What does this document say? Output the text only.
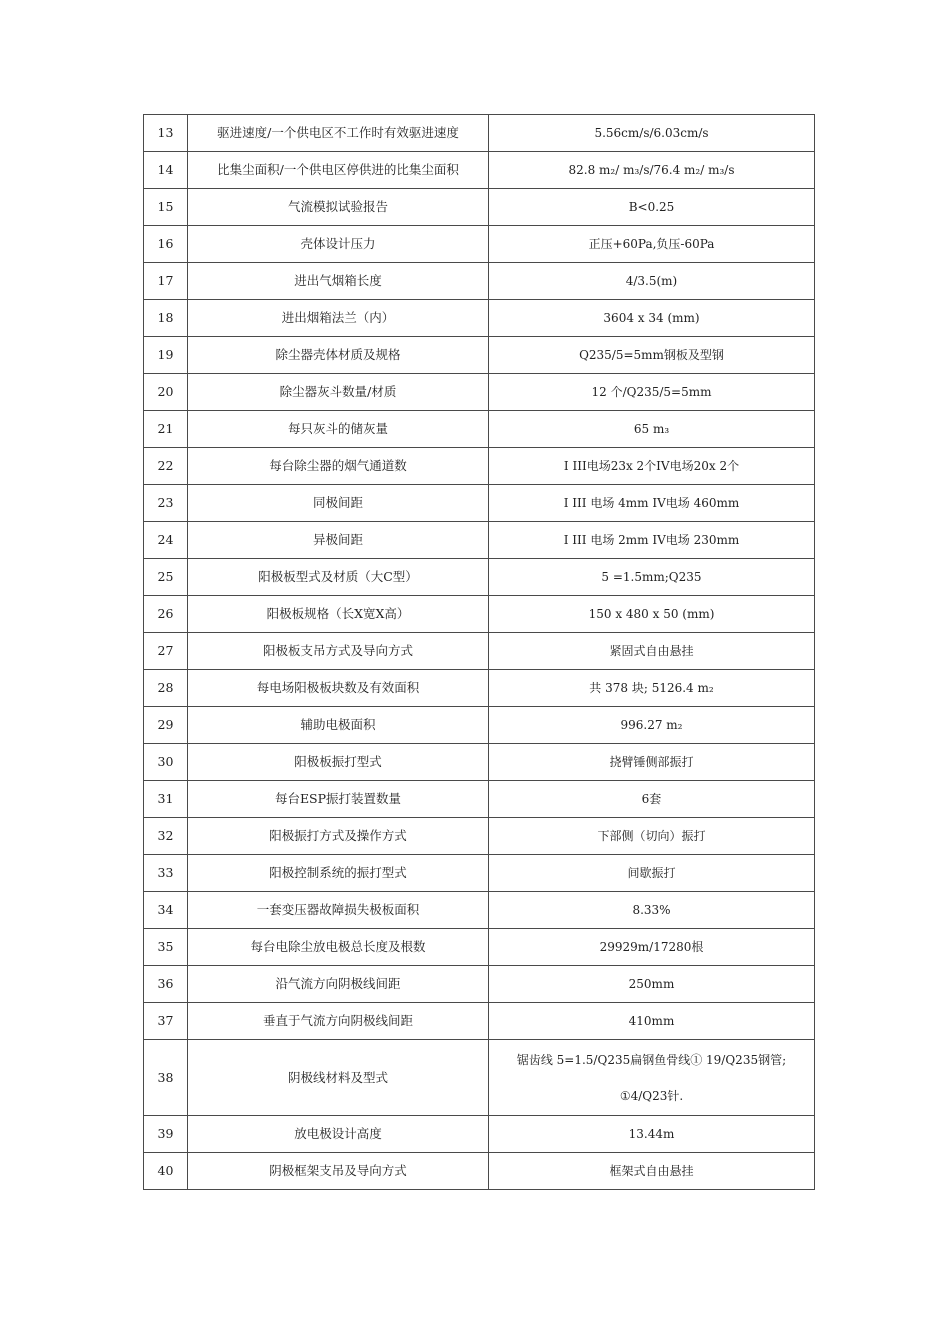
13	驱进速度/一个供电区不工作时有效驱进速度	5.56cm/s/6.03cm/s
14	比集尘面积/一个供电区停供进的比集尘面积	82.8 m₂/ m₃/s/76.4 m₂/ m₃/s
15	气流模拟试验报告	B<0.25
16	壳体设计压力	正压+60Pa,负压-60Pa
17	进出气烟箱长度	4/3.5(m)
18	进出烟箱法兰（内）	3604 x 34 (mm)
19	除尘器壳体材质及规格	Q235/5=5mm钢板及型钢
20	除尘器灰斗数量/材质	12 个/Q235/5=5mm
21	每只灰斗的储灰量	65 m₃
22	每台除尘器的烟气通道数	I III电场23x 2个IV电场20x 2个
23	同极间距	I III 电场 4mm IV电场 460mm
24	异极间距	I III 电场 2mm IV电场 230mm
25	阳极板型式及材质（大C型）	5 =1.5mm;Q235
26	阳极板规格（长X宽X高）	150 x 480 x 50 (mm)
27	阳极板支吊方式及导向方式	紧固式自由悬挂
28	每电场阳极板块数及有效面积	共 378 块; 5126.4 m₂
29	辅助电极面积	996.27 m₂
30	阳极板振打型式	挠臂锤侧部振打
31	每台ESP振打装置数量	6套
32	阳极振打方式及操作方式	下部侧（切向）振打
33	阳极控制系统的振打型式	间歇振打
34	一套变压器故障损失极板面积	8.33%
35	每台电除尘放电极总长度及根数	29929m/17280根
36	沿气流方向阴极线间距	250mm
37	垂直于气流方向阴极线间距	410mm
38	阴极线材料及型式	锯齿线 5=1.5/Q235扁钢鱼骨线① 19/Q235钢管;
①4/Q23针.

39	放电极设计高度	13.44m
40	阴极框架支吊及导向方式	框架式自由悬挂
